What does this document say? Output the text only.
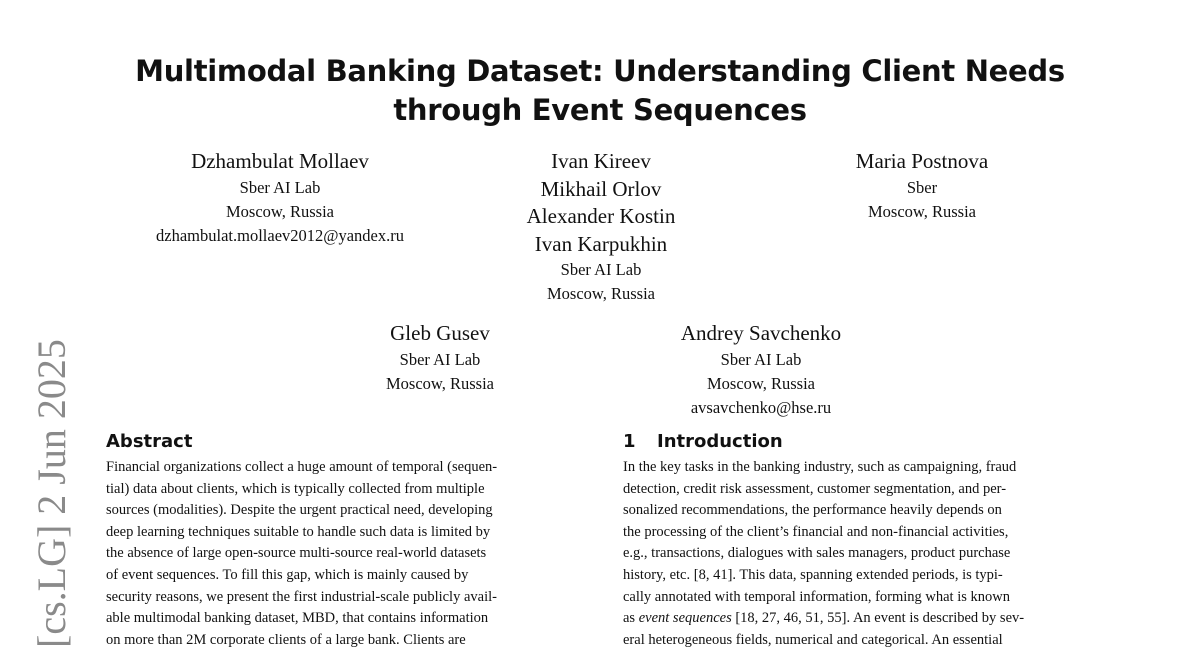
Multimodal Banking Dataset: Understanding Client Needs
through Event Sequences
[cs.LG] 2 Jun 2025
Dzhambulat Mollaev
Sber AI Lab
Moscow, Russia
dzhambulat.mollaev2012@yandex.ru
Ivan Kireev
Mikhail Orlov
Alexander Kostin
Ivan Karpukhin
Sber AI Lab
Moscow, Russia
Maria Postnova
Sber
Moscow, Russia
Gleb Gusev
Sber AI Lab
Moscow, Russia
Andrey Savchenko
Sber AI Lab
Moscow, Russia
avsavchenko@hse.ru
Abstract
Financial organizations collect a huge amount of temporal (sequen-
tial) data about clients, which is typically collected from multiple
sources (modalities). Despite the urgent practical need, developing
deep learning techniques suitable to handle such data is limited by
the absence of large open-source multi-source real-world datasets
of event sequences. To fill this gap, which is mainly caused by
security reasons, we present the first industrial-scale publicly avail-
able multimodal banking dataset, MBD, that contains information
on more than 2M corporate clients of a large bank. Clients are
1 Introduction
In the key tasks in the banking industry, such as campaigning, fraud
detection, credit risk assessment, customer segmentation, and per-
sonalized recommendations, the performance heavily depends on
the processing of the client’s financial and non-financial activities,
e.g., transactions, dialogues with sales managers, product purchase
history, etc. [8, 41]. This data, spanning extended periods, is typi-
cally annotated with temporal information, forming what is known
as event sequences [18, 27, 46, 51, 55]. An event is described by sev-
eral heterogeneous fields, numerical and categorical. An essential
